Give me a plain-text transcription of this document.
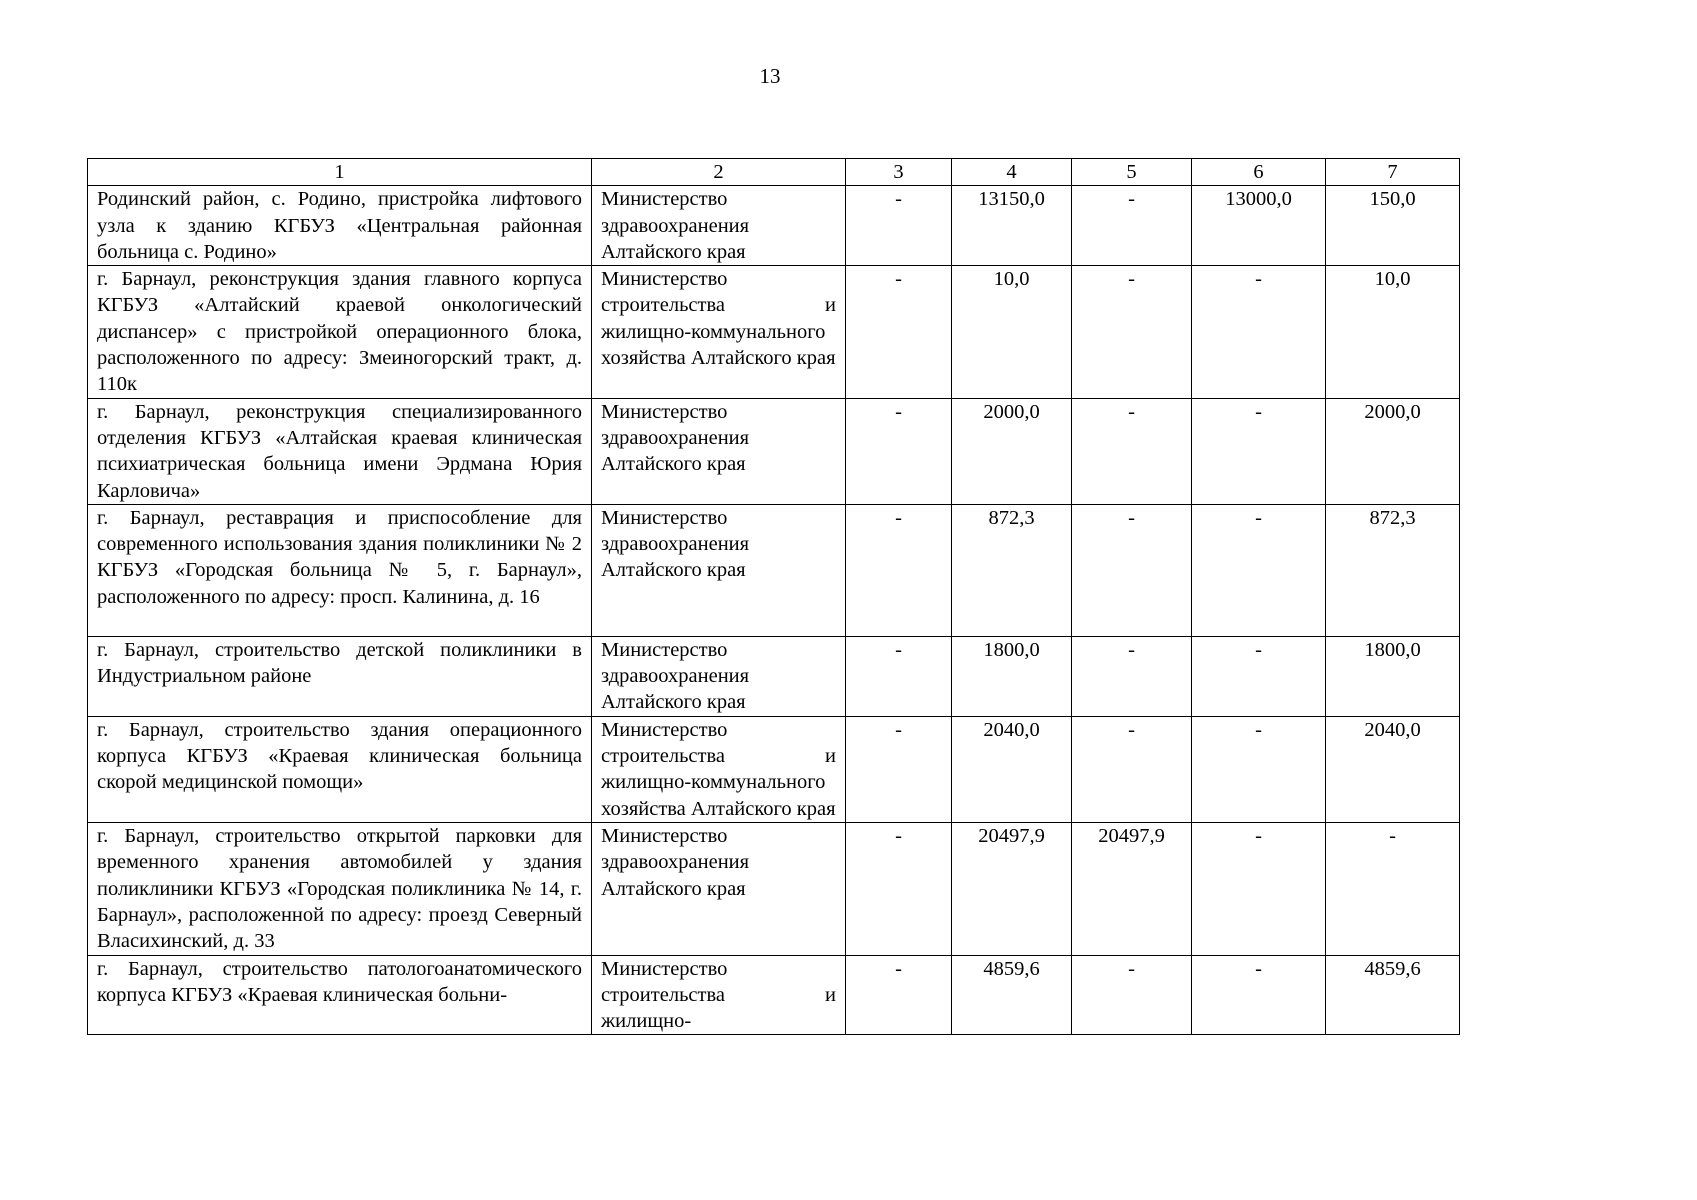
13
1	2	3	4	5	6	7
Родинский район, с. Родино, пристройка лифтового узла к зданию КГБУЗ «Центральная районная больница с. Родино»	Министерство здравоохранения Алтайского края	-	13150,0	-	13000,0	150,0
г. Барнаул, реконструкция здания главного корпуса КГБУЗ «Алтайский краевой онкологический диспансер» с пристройкой операционного блока, расположенного по адресу: Змеиногорский тракт, д. 110к	Министерство строительства и жилищно-коммунального хозяйства Алтайского края	-	10,0	-	-	10,0
г. Барнаул, реконструкция специализированного отделения КГБУЗ «Алтайская краевая клиническая психиатрическая больница имени Эрдмана Юрия Карловича»	Министерство здравоохранения Алтайского края	-	2000,0	-	-	2000,0
г. Барнаул, реставрация и приспособление для современного использования здания поликлиники № 2 КГБУЗ «Городская больница № 5, г. Барнаул», расположенного по адресу: просп. Калинина, д. 16	Министерство здравоохранения Алтайского края	-	872,3	-	-	872,3
г. Барнаул, строительство детской поликлиники в Индустриальном районе	Министерство здравоохранения Алтайского края	-	1800,0	-	-	1800,0
г. Барнаул, строительство здания операционного корпуса КГБУЗ «Краевая клиническая больница скорой медицинской помощи»	Министерство строительства и жилищно-коммунального хозяйства Алтайского края	-	2040,0	-	-	2040,0
г. Барнаул, строительство открытой парковки для временного хранения автомобилей у здания поликлиники КГБУЗ «Городская поликлиника № 14, г. Барнаул», расположенной по адресу: проезд Северный Власихинский, д. 33	Министерство здравоохранения Алтайского края	-	20497,9	20497,9	-	-
г. Барнаул, строительство патологоанатомического корпуса КГБУЗ «Краевая клиническая больни-	Министерство строительства и жилищно-	-	4859,6	-	-	4859,6
